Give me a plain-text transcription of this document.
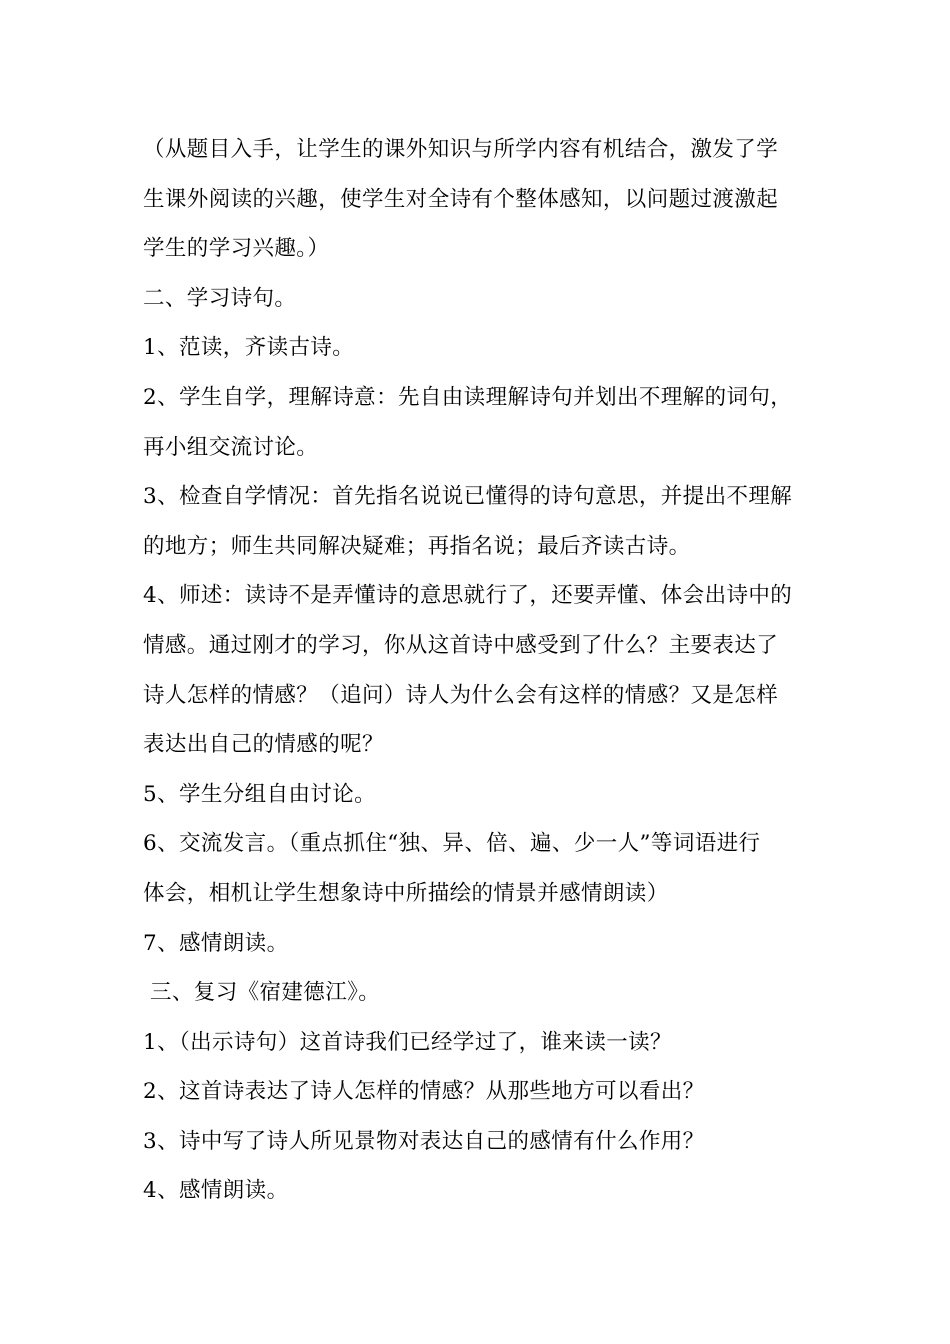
（从题目入手，让学生的课外知识与所学内容有机结合，激发了学
生课外阅读的兴趣，使学生对全诗有个整体感知，以问题过渡激起
学生的学习兴趣。）
二、学习诗句。
1、范读，齐读古诗。
2、学生自学，理解诗意：先自由读理解诗句并划出不理解的词句，
再小组交流讨论。
3、检查自学情况：首先指名说说已懂得的诗句意思，并提出不理解
的地方；师生共同解决疑难；再指名说；最后齐读古诗。
4、师述：读诗不是弄懂诗的意思就行了，还要弄懂、体会出诗中的
情感。通过刚才的学习，你从这首诗中感受到了什么？主要表达了
诗人怎样的情感？（追问）诗人为什么会有这样的情感？又是怎样
表达出自己的情感的呢？
5、学生分组自由讨论。
6、交流发言。（重点抓住“独、异、倍、遍、少一人”等词语进行
体会，相机让学生想象诗中所描绘的情景并感情朗读）
7、感情朗读。
三、复习《宿建德江》。
1、（出示诗句）这首诗我们已经学过了，谁来读一读？
2、这首诗表达了诗人怎样的情感？从那些地方可以看出？
3、诗中写了诗人所见景物对表达自己的感情有什么作用？
4、感情朗读。
